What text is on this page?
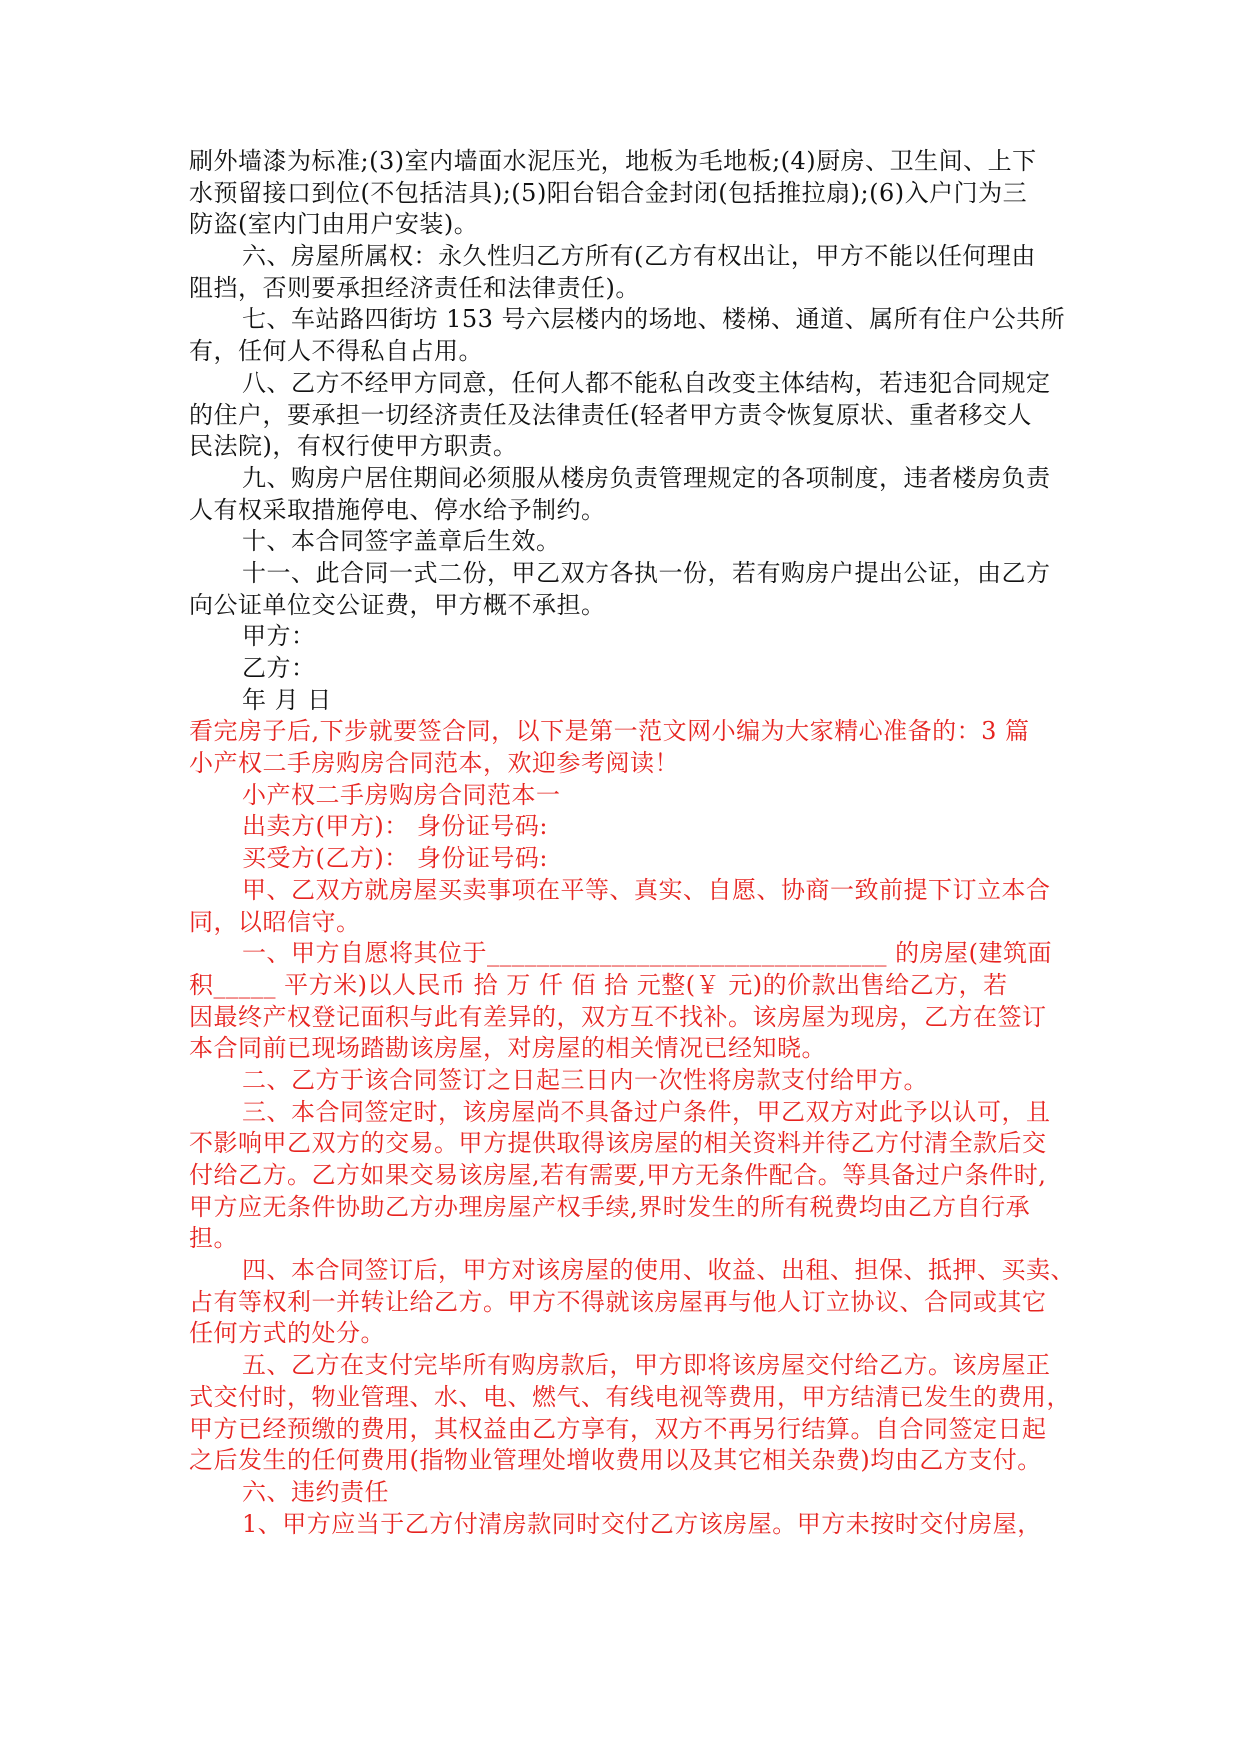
刷外墙漆为标准;(3)室内墙面水泥压光，地板为毛地板;(4)厨房、卫生间、上下
水预留接口到位(不包括洁具);(5)阳台铝合金封闭(包括推拉扇);(6)入户门为三
防盗(室内门由用户安装)。
六、房屋所属权：永久性归乙方所有(乙方有权出让，甲方不能以任何理由
阻挡，否则要承担经济责任和法律责任)。
七、车站路四街坊 153 号六层楼内的场地、楼梯、通道、属所有住户公共所
有，任何人不得私自占用。
八、乙方不经甲方同意，任何人都不能私自改变主体结构，若违犯合同规定
的住户，要承担一切经济责任及法律责任(轻者甲方责令恢复原状、重者移交人
民法院)，有权行使甲方职责。
九、购房户居住期间必须服从楼房负责管理规定的各项制度，违者楼房负责
人有权采取措施停电、停水给予制约。
十、本合同签字盖章后生效。
十一、此合同一式二份，甲乙双方各执一份，若有购房户提出公证，由乙方
向公证单位交公证费，甲方概不承担。
甲方：
乙方：
年 月 日
看完房子后,下步就要签合同，以下是第一范文网小编为大家精心准备的：3 篇
小产权二手房购房合同范本，欢迎参考阅读！
小产权二手房购房合同范本一
出卖方(甲方)： 身份证号码:
买受方(乙方)： 身份证号码:
甲、乙双方就房屋买卖事项在平等、真实、自愿、协商一致前提下订立本合
同，以昭信守。
一、甲方自愿将其位于________________________________ 的房屋(建筑面
积_____ 平方米)以人民币 拾 万 仟 佰 拾 元整(￥ 元)的价款出售给乙方，若
因最终产权登记面积与此有差异的，双方互不找补。该房屋为现房，乙方在签订
本合同前已现场踏勘该房屋，对房屋的相关情况已经知晓。
二、乙方于该合同签订之日起三日内一次性将房款支付给甲方。
三、本合同签定时，该房屋尚不具备过户条件，甲乙双方对此予以认可，且
不影响甲乙双方的交易。甲方提供取得该房屋的相关资料并待乙方付清全款后交
付给乙方。乙方如果交易该房屋,若有需要,甲方无条件配合。等具备过户条件时,
甲方应无条件协助乙方办理房屋产权手续,界时发生的所有税费均由乙方自行承
担。
四、本合同签订后，甲方对该房屋的使用、收益、出租、担保、抵押、买卖、
占有等权利一并转让给乙方。甲方不得就该房屋再与他人订立协议、合同或其它
任何方式的处分。
五、乙方在支付完毕所有购房款后，甲方即将该房屋交付给乙方。该房屋正
式交付时，物业管理、水、电、燃气、有线电视等费用，甲方结清已发生的费用，
甲方已经预缴的费用，其权益由乙方享有，双方不再另行结算。自合同签定日起
之后发生的任何费用(指物业管理处增收费用以及其它相关杂费)均由乙方支付。
六、违约责任
1、甲方应当于乙方付清房款同时交付乙方该房屋。甲方未按时交付房屋，
